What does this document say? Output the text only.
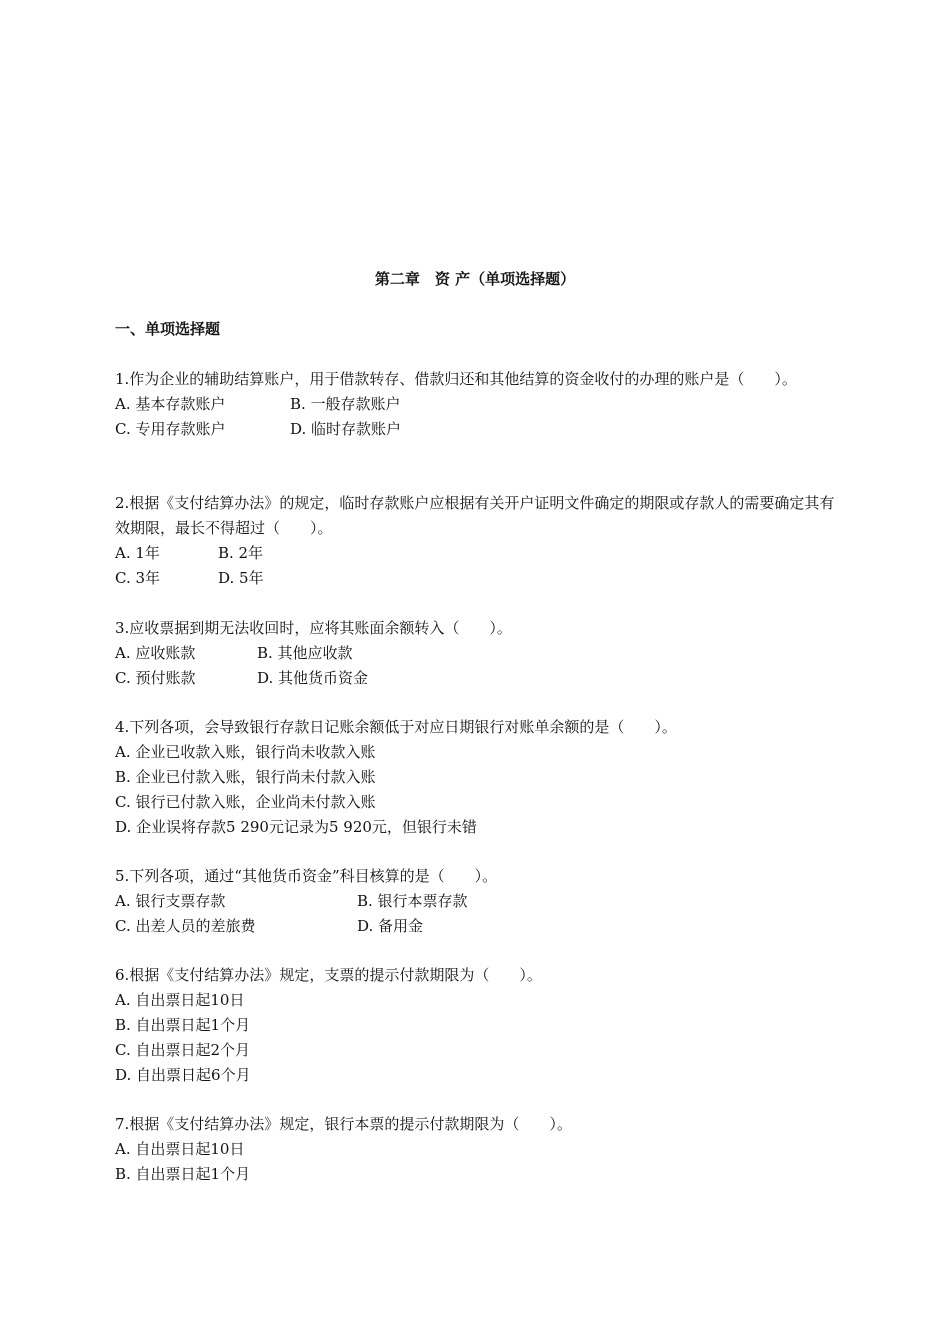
第二章　资 产（单项选择题）
一、单项选择题
1.作为企业的辅助结算账户，用于借款转存、借款归还和其他结算的资金收付的办理的账户是（　　）。
A. 基本存款账户	B. 一般存款账户
C. 专用存款账户	D. 临时存款账户
2.根据《支付结算办法》的规定，临时存款账户应根据有关开户证明文件确定的期限或存款人的需要确定其有效期限，最长不得超过（　　）。
A. 1年	B. 2年
C. 3年	D. 5年
3.应收票据到期无法收回时，应将其账面余额转入（　　）。
A. 应收账款	B. 其他应收款
C. 预付账款	D. 其他货币资金
4.下列各项，会导致银行存款日记账余额低于对应日期银行对账单余额的是（　　）。
A. 企业已收款入账，银行尚未收款入账
B. 企业已付款入账，银行尚未付款入账
C. 银行已付款入账，企业尚未付款入账
D. 企业误将存款5 290元记录为5 920元，但银行未错
5.下列各项，通过“其他货币资金”科目核算的是（　　）。
A. 银行支票存款	B. 银行本票存款
C. 出差人员的差旅费	D. 备用金
6.根据《支付结算办法》规定，支票的提示付款期限为（　　）。
A. 自出票日起10日
B. 自出票日起1个月
C. 自出票日起2个月
D. 自出票日起6个月
7.根据《支付结算办法》规定，银行本票的提示付款期限为（　　）。
A. 自出票日起10日
B. 自出票日起1个月
